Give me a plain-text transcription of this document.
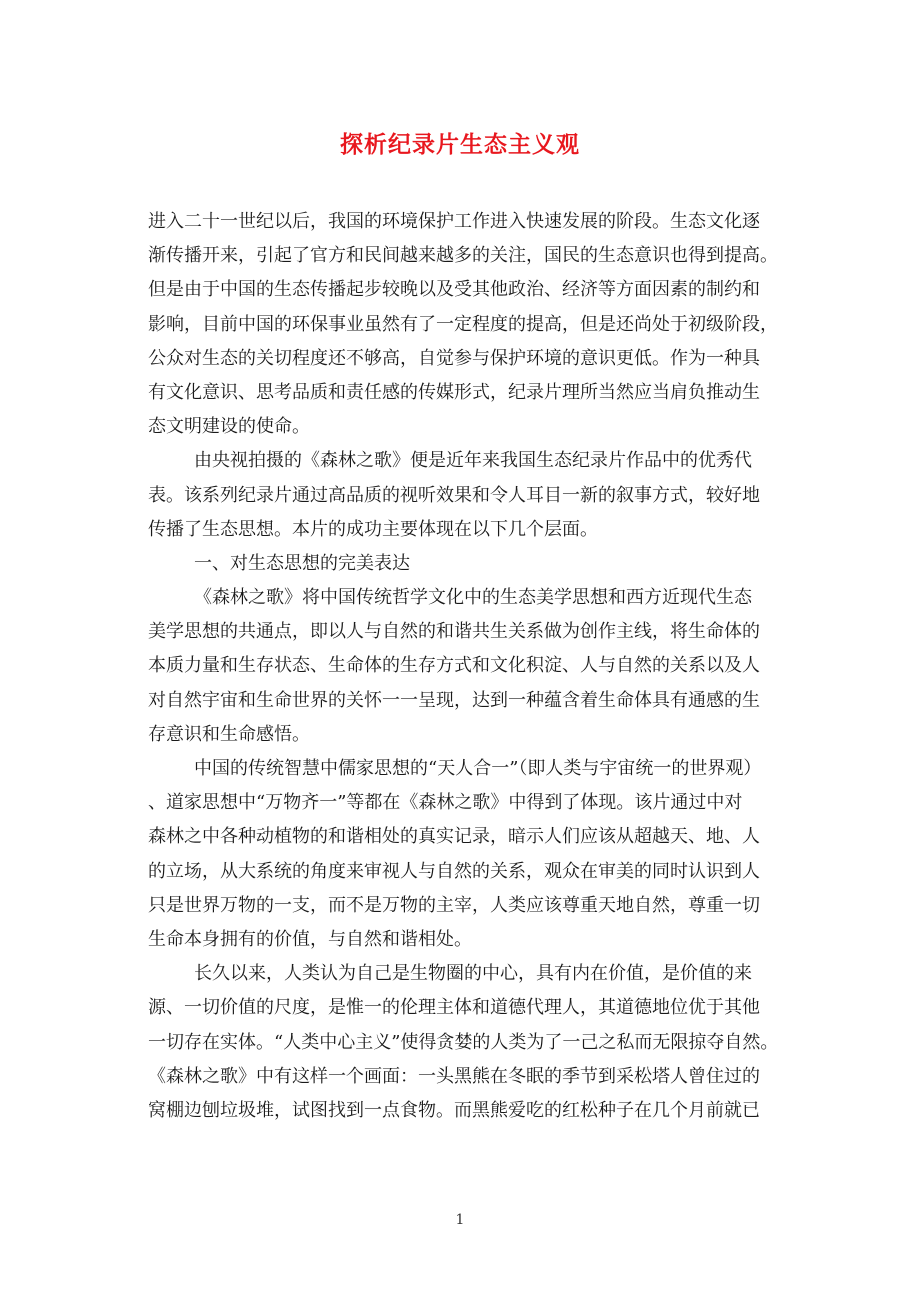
探析纪录片生态主义观
进入二十一世纪以后，我国的环境保护工作进入快速发展的阶段。生态文化逐
渐传播开来，引起了官方和民间越来越多的关注，国民的生态意识也得到提高。
但是由于中国的生态传播起步较晚以及受其他政治、经济等方面因素的制约和
影响，目前中国的环保事业虽然有了一定程度的提高，但是还尚处于初级阶段，
公众对生态的关切程度还不够高，自觉参与保护环境的意识更低。作为一种具
有文化意识、思考品质和责任感的传媒形式，纪录片理所当然应当肩负推动生
态文明建设的使命。
由央视拍摄的《森林之歌》便是近年来我国生态纪录片作品中的优秀代
表。该系列纪录片通过高品质的视听效果和令人耳目一新的叙事方式，较好地
传播了生态思想。本片的成功主要体现在以下几个层面。
一、对生态思想的完美表达
《森林之歌》将中国传统哲学文化中的生态美学思想和西方近现代生态
美学思想的共通点，即以人与自然的和谐共生关系做为创作主线，将生命体的
本质力量和生存状态、生命体的生存方式和文化积淀、人与自然的关系以及人
对自然宇宙和生命世界的关怀一一呈现，达到一种蕴含着生命体具有通感的生
存意识和生命感悟。
中国的传统智慧中儒家思想的“天人合一”（即人类与宇宙统一的世界观）
、道家思想中“万物齐一”等都在《森林之歌》中得到了体现。该片通过中对
森林之中各种动植物的和谐相处的真实记录，暗示人们应该从超越天、地、人
的立场，从大系统的角度来审视人与自然的关系，观众在审美的同时认识到人
只是世界万物的一支，而不是万物的主宰，人类应该尊重天地自然，尊重一切
生命本身拥有的价值，与自然和谐相处。
长久以来，人类认为自己是生物圈的中心，具有内在价值，是价值的来
源、一切价值的尺度，是惟一的伦理主体和道德代理人，其道德地位优于其他
一切存在实体。“人类中心主义”使得贪婪的人类为了一己之私而无限掠夺自然。
《森林之歌》中有这样一个画面：一头黑熊在冬眠的季节到采松塔人曾住过的
窝棚边刨垃圾堆，试图找到一点食物。而黑熊爱吃的红松种子在几个月前就已
1
